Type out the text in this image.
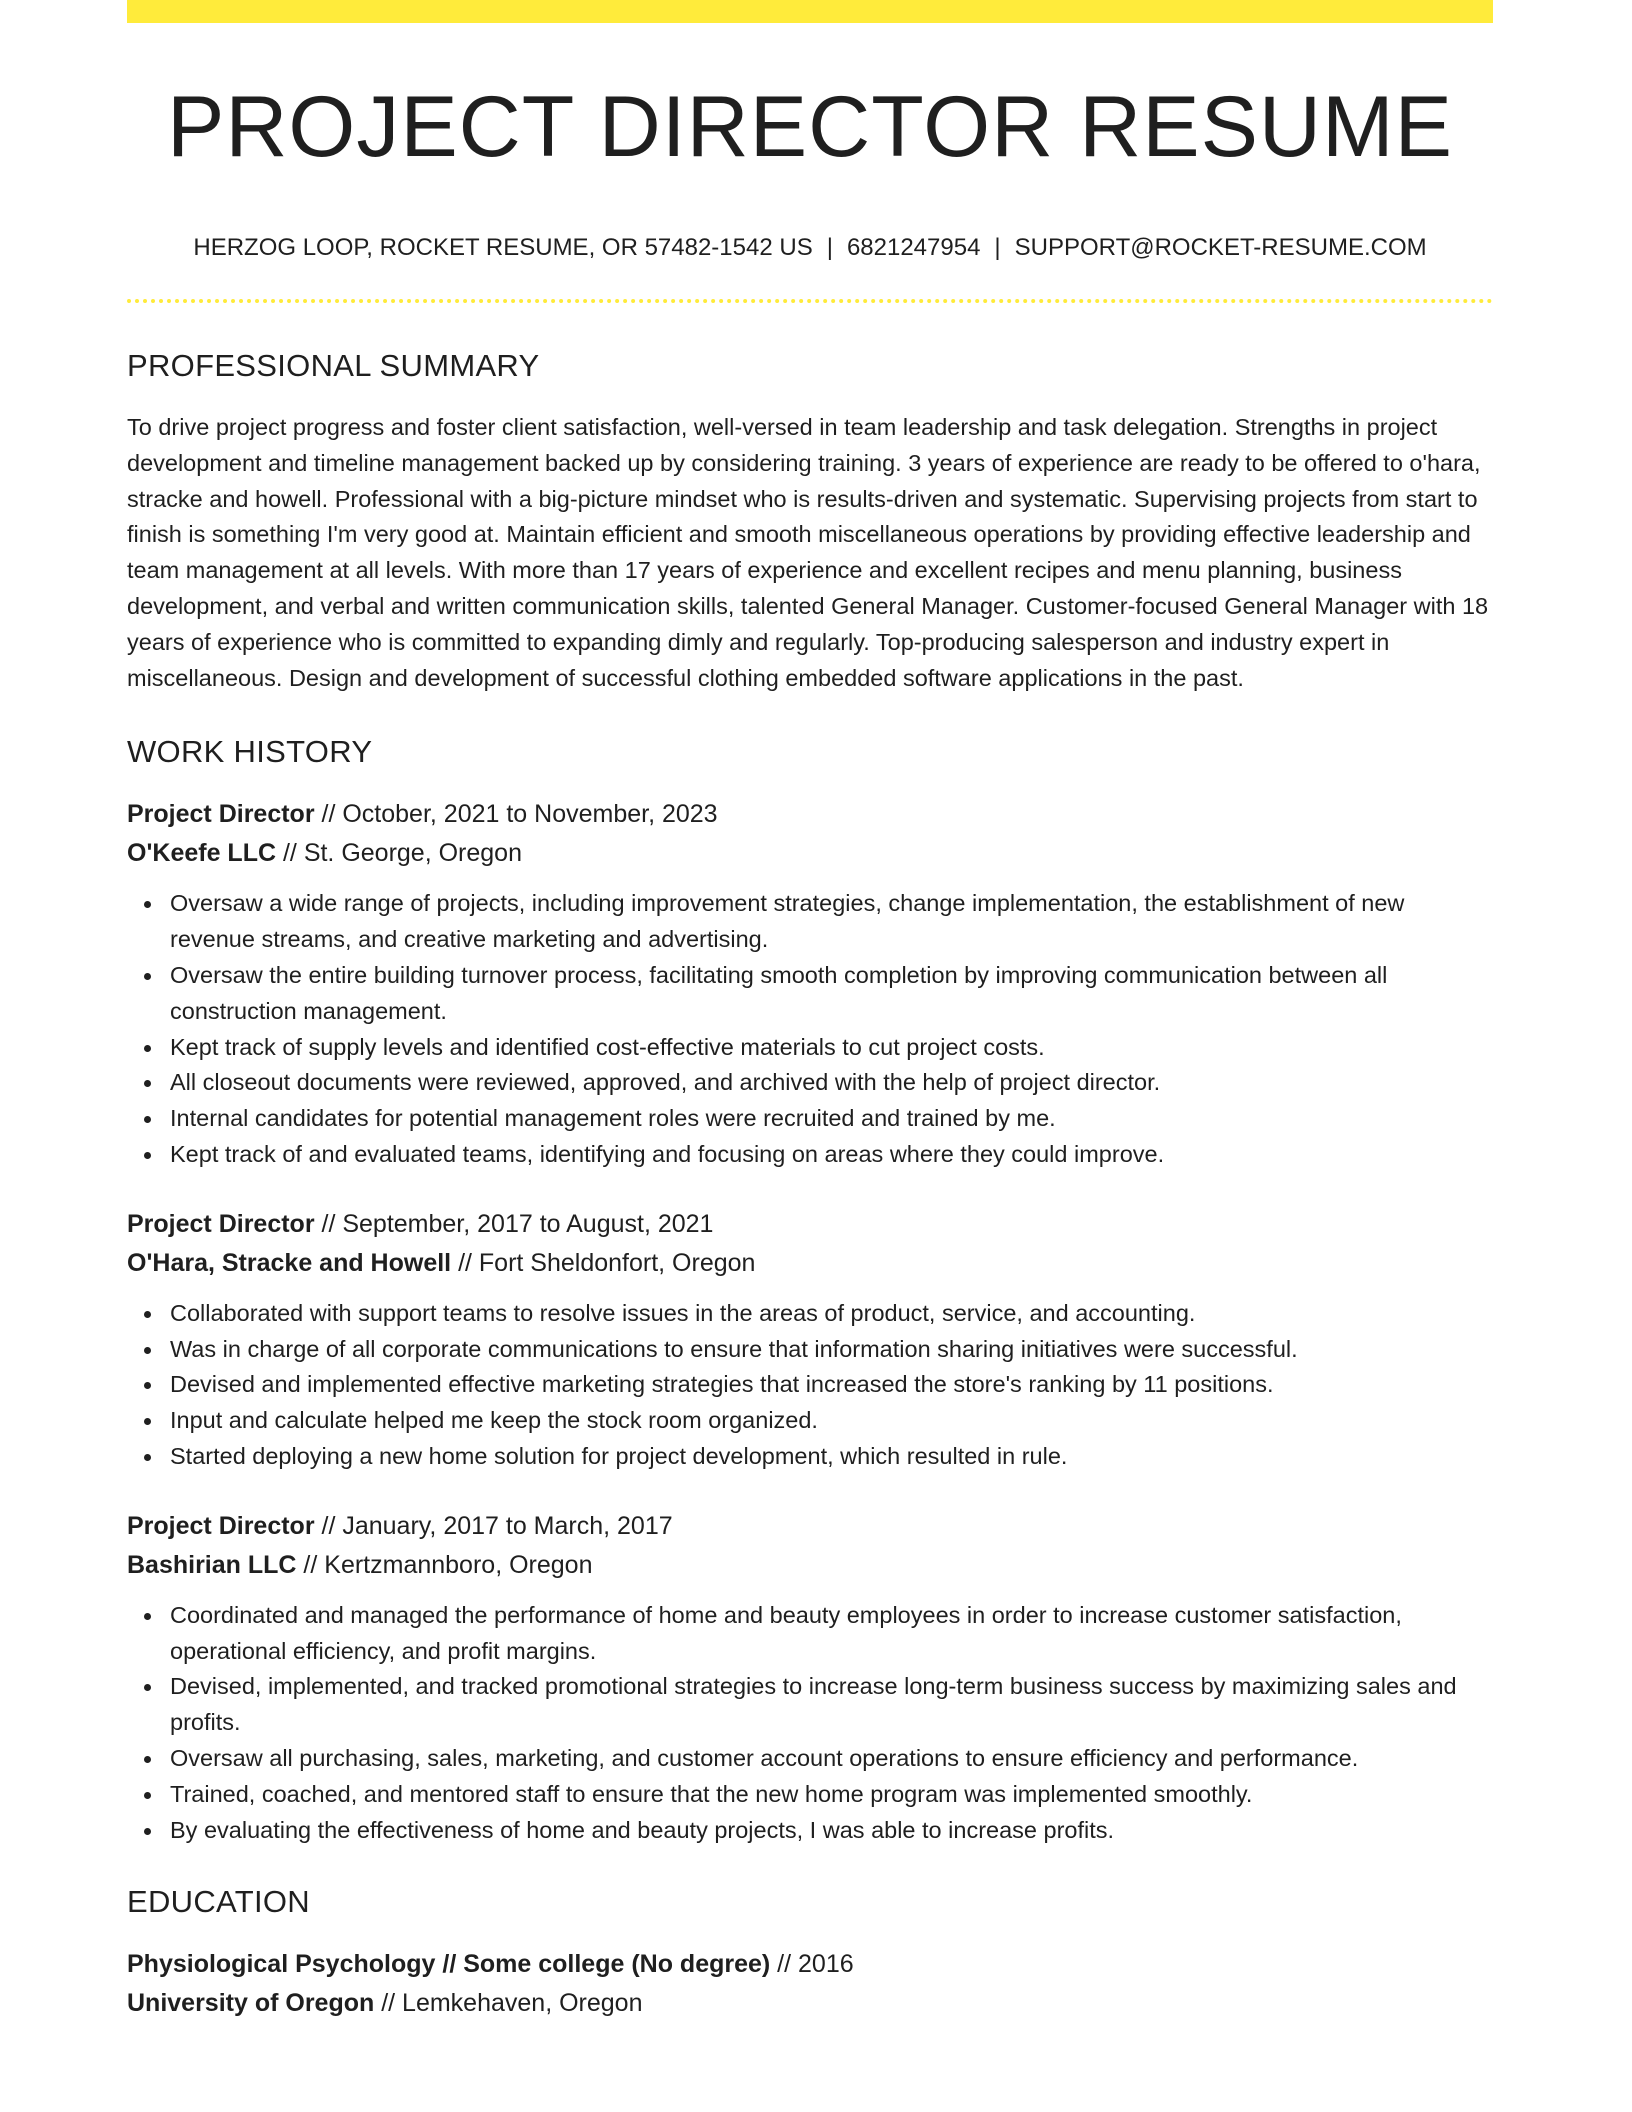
PROJECT DIRECTOR RESUME
HERZOG LOOP, ROCKET RESUME, OR 57482-1542 US | 6821247954 | SUPPORT@ROCKET-RESUME.COM
PROFESSIONAL SUMMARY
To drive project progress and foster client satisfaction, well-versed in team leadership and task delegation. Strengths in project development and timeline management backed up by considering training. 3 years of experience are ready to be offered to o'hara, stracke and howell. Professional with a big-picture mindset who is results-driven and systematic. Supervising projects from start to finish is something I'm very good at. Maintain efficient and smooth miscellaneous operations by providing effective leadership and team management at all levels. With more than 17 years of experience and excellent recipes and menu planning, business development, and verbal and written communication skills, talented General Manager. Customer-focused General Manager with 18 years of experience who is committed to expanding dimly and regularly. Top-producing salesperson and industry expert in miscellaneous. Design and development of successful clothing embedded software applications in the past.
WORK HISTORY
Project Director // October, 2021 to November, 2023
O'Keefe LLC // St. George, Oregon
Oversaw a wide range of projects, including improvement strategies, change implementation, the establishment of new revenue streams, and creative marketing and advertising.
Oversaw the entire building turnover process, facilitating smooth completion by improving communication between all construction management.
Kept track of supply levels and identified cost-effective materials to cut project costs.
All closeout documents were reviewed, approved, and archived with the help of project director.
Internal candidates for potential management roles were recruited and trained by me.
Kept track of and evaluated teams, identifying and focusing on areas where they could improve.
Project Director // September, 2017 to August, 2021
O'Hara, Stracke and Howell // Fort Sheldonfort, Oregon
Collaborated with support teams to resolve issues in the areas of product, service, and accounting.
Was in charge of all corporate communications to ensure that information sharing initiatives were successful.
Devised and implemented effective marketing strategies that increased the store's ranking by 11 positions.
Input and calculate helped me keep the stock room organized.
Started deploying a new home solution for project development, which resulted in rule.
Project Director // January, 2017 to March, 2017
Bashirian LLC // Kertzmannboro, Oregon
Coordinated and managed the performance of home and beauty employees in order to increase customer satisfaction, operational efficiency, and profit margins.
Devised, implemented, and tracked promotional strategies to increase long-term business success by maximizing sales and profits.
Oversaw all purchasing, sales, marketing, and customer account operations to ensure efficiency and performance.
Trained, coached, and mentored staff to ensure that the new home program was implemented smoothly.
By evaluating the effectiveness of home and beauty projects, I was able to increase profits.
EDUCATION
Physiological Psychology // Some college (No degree) // 2016
University of Oregon // Lemkehaven, Oregon
